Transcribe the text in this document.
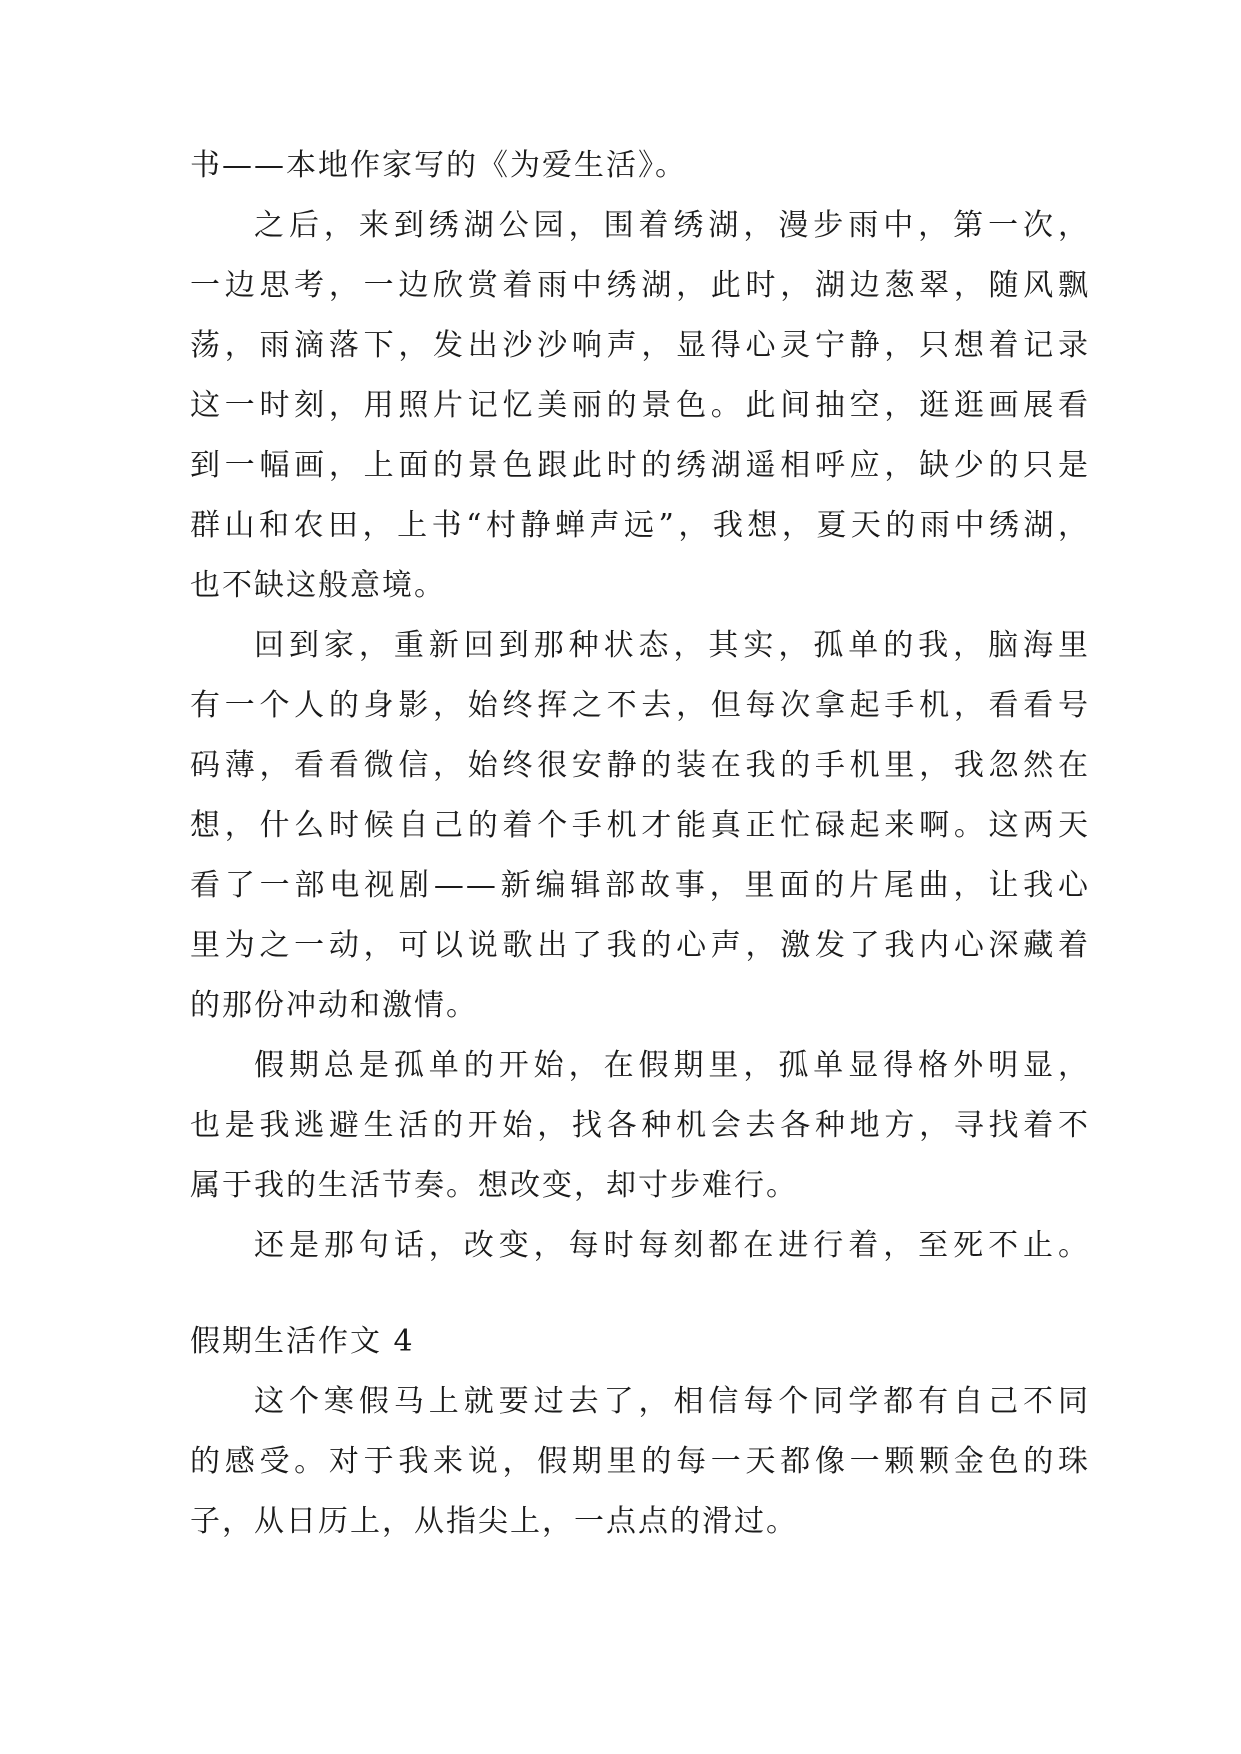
书——本地作家写的《为爱生活》。
之后，来到绣湖公园，围着绣湖，漫步雨中，第一次，
一边思考，一边欣赏着雨中绣湖，此时，湖边葱翠，随风飘
荡，雨滴落下，发出沙沙响声，显得心灵宁静，只想着记录
这一时刻，用照片记忆美丽的景色。此间抽空，逛逛画展看
到一幅画，上面的景色跟此时的绣湖遥相呼应，缺少的只是
群山和农田，上书“村静蝉声远”，我想，夏天的雨中绣湖，
也不缺这般意境。
回到家，重新回到那种状态，其实，孤单的我，脑海里
有一个人的身影，始终挥之不去，但每次拿起手机，看看号
码薄，看看微信，始终很安静的装在我的手机里，我忽然在
想，什么时候自己的着个手机才能真正忙碌起来啊。这两天
看了一部电视剧——新编辑部故事，里面的片尾曲，让我心
里为之一动，可以说歌出了我的心声，激发了我内心深藏着
的那份冲动和激情。
假期总是孤单的开始，在假期里，孤单显得格外明显，
也是我逃避生活的开始，找各种机会去各种地方，寻找着不
属于我的生活节奏。想改变，却寸步难行。
还是那句话，改变，每时每刻都在进行着，至死不止。
假期生活作文 4
这个寒假马上就要过去了，相信每个同学都有自己不同
的感受。对于我来说，假期里的每一天都像一颗颗金色的珠
子，从日历上，从指尖上，一点点的滑过。
